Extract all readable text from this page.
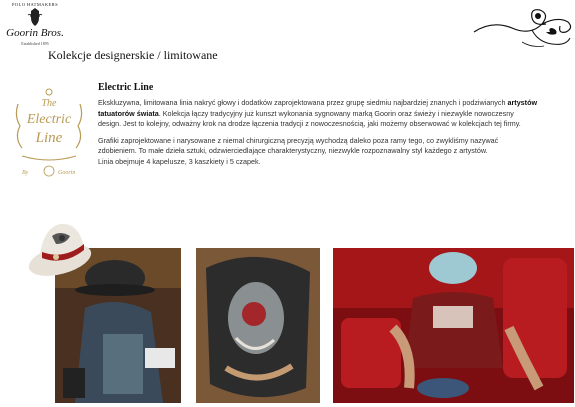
POLO HATMAKERS
Goorin Bros.
Established 1895
Kolekcje designerskie / limitowane
The
Electric
Line
By	Goorin
Electric Line

Ekskluzywna, limitowana linia nakryć głowy i dodatków zaprojektowana przez grupę siedmiu najbardziej znanych i podziwianych artystów tatuatorów świata. Kolekcja łączy tradycyjny już kunszt wykonania sygnowany marką Goorin oraz świeży i niezwykle nowoczesny design. Jest to kolejny, odważny krok na drodze łączenia tradycji z nowoczesnością, jaki możemy obserwować w kolekcjach tej firmy.

Grafiki zaprojektowane i narysowane z niemal chirurgiczną precyzją wychodzą daleko poza ramy tego, co zwykliśmy nazywać zdobieniem. To małe dzieła sztuki, odzwierciedlające charakterystyczny, niezwykle rozpoznawalny styl każdego z artystów.
Linia obejmuje 4 kapelusze, 3 kaszkiety i 5 czapek.
